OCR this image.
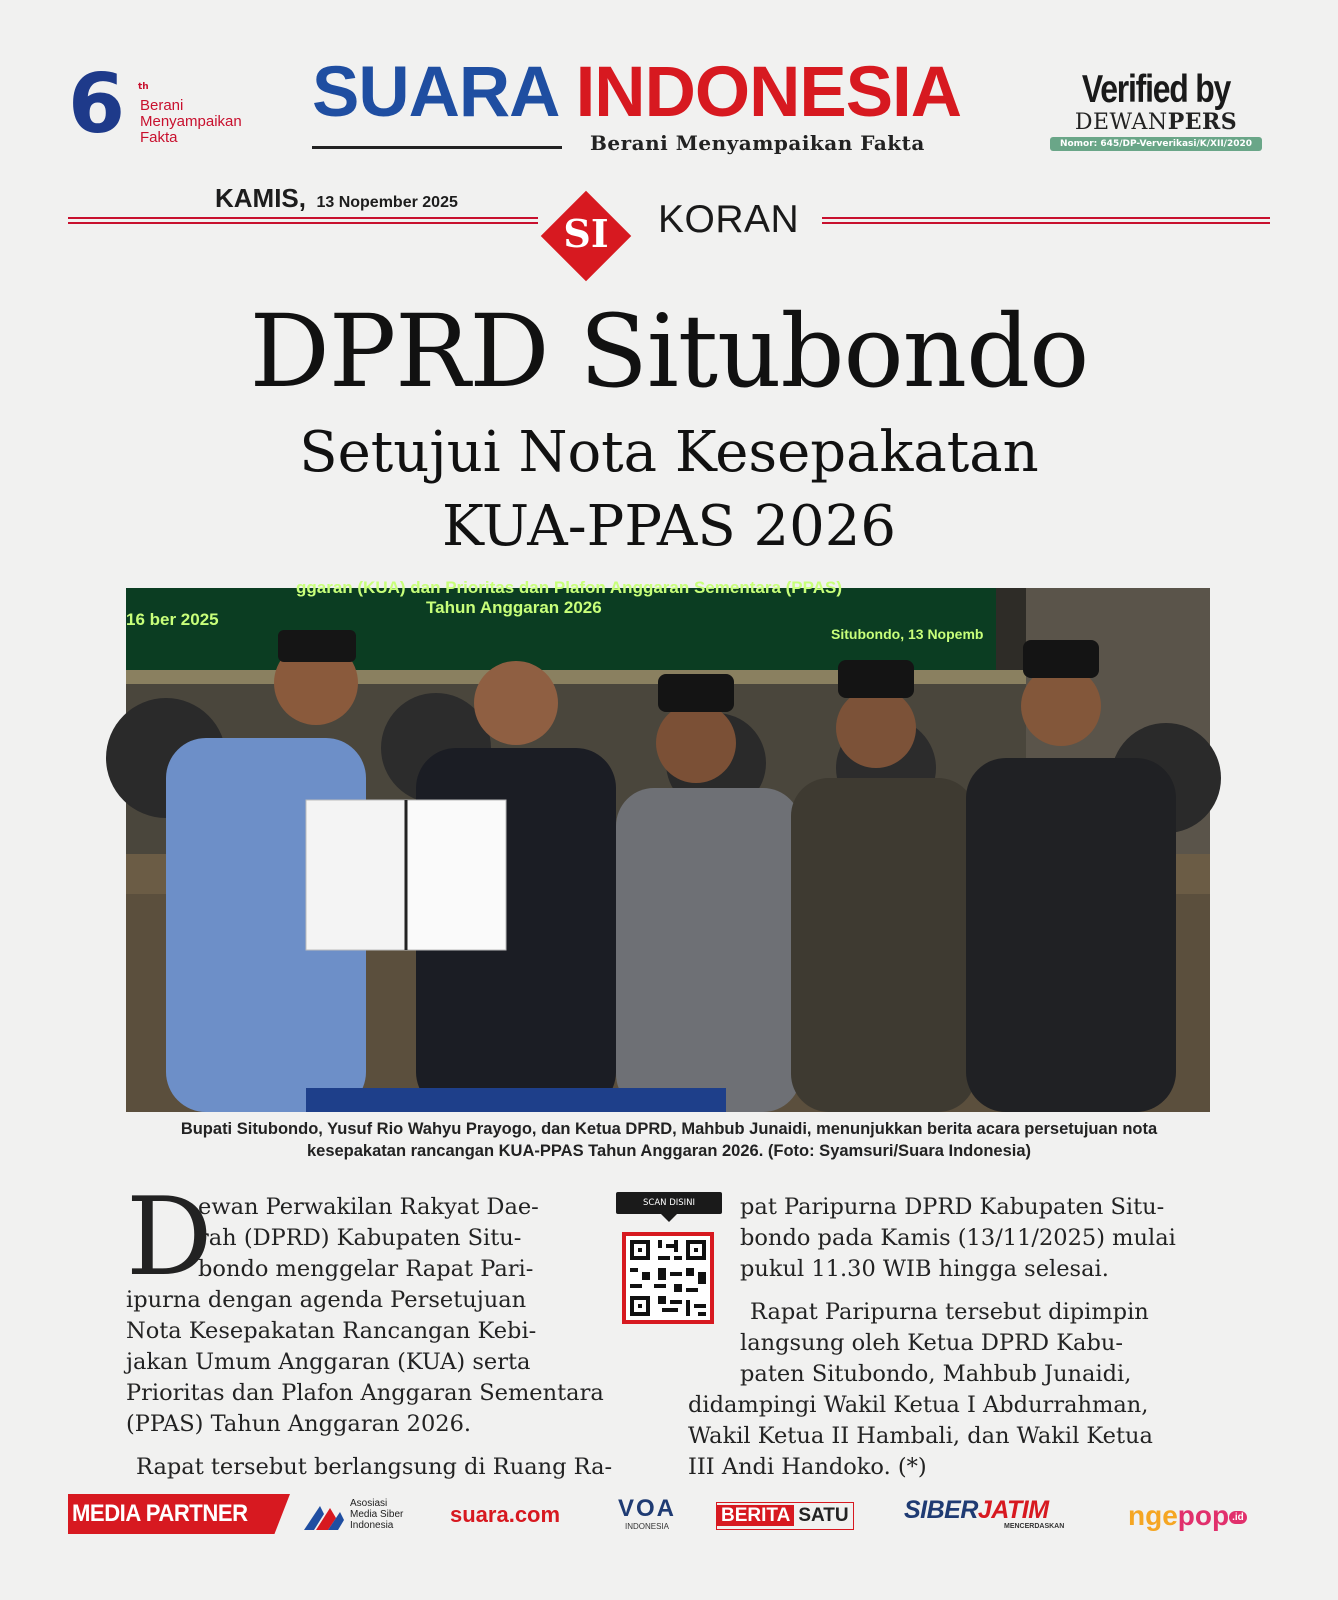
6 th
Berani
Menyampaikan
Fakta
SUARA INDONESIA
Berani Menyampaikan Fakta
Verified by
DEWANPERS
Nomor: 645/DP-Ververikasi/K/XII/2020
KAMIS, 13 Nopember 2025
SI	KORAN
DPRD Situbondo
Setujui Nota Kesepakatan
KUA-PPAS 2026
ggaran (KUA) dan Prioritas dan Plafon Anggaran Sementara (PPAS)
Tahun Anggaran 2026
16 ber 2025
Situbondo, 13 Nopemb
Bupati Situbondo, Yusuf Rio Wahyu Prayogo, dan Ketua DPRD, Mahbub Junaidi, menunjukkan berita acara persetujuan nota kesepakatan rancangan KUA-PPAS Tahun Anggaran 2026. (Foto: Syamsuri/Suara Indonesia)
D

ewan Perwakilan Rakyat Dae-

rah (DPRD) Kabupaten Situ-

bondo menggelar Rapat Pari-

ipurna dengan agenda Persetujuan

Nota Kesepakatan Rancangan Kebi-

jakan Umum Anggaran (KUA) serta

Prioritas dan Plafon Anggaran Sementara

(PPAS) Tahun Anggaran 2026.

Rapat tersebut berlangsung di Ruang Ra-

SCAN DISINI	pat Paripurna DPRD Kabupaten Situ-

bondo pada Kamis (13/11/2025) mulai

pukul 11.30 WIB hingga selesai.

Rapat Paripurna tersebut dipimpin

langsung oleh Ketua DPRD Kabu-

paten Situbondo, Mahbub Junaidi,

didampingi Wakil Ketua I Abdurrahman,

Wakil Ketua II Hambali, dan Wakil Ketua

III Andi Handoko. (*)

MEDIA PARTNER	Asosiasi
Media Siber
Indonesia	suara.com VOA
INDONESIA
BERITA SATU SIBERJATIM
MENCERDASKAN ngepop .id
